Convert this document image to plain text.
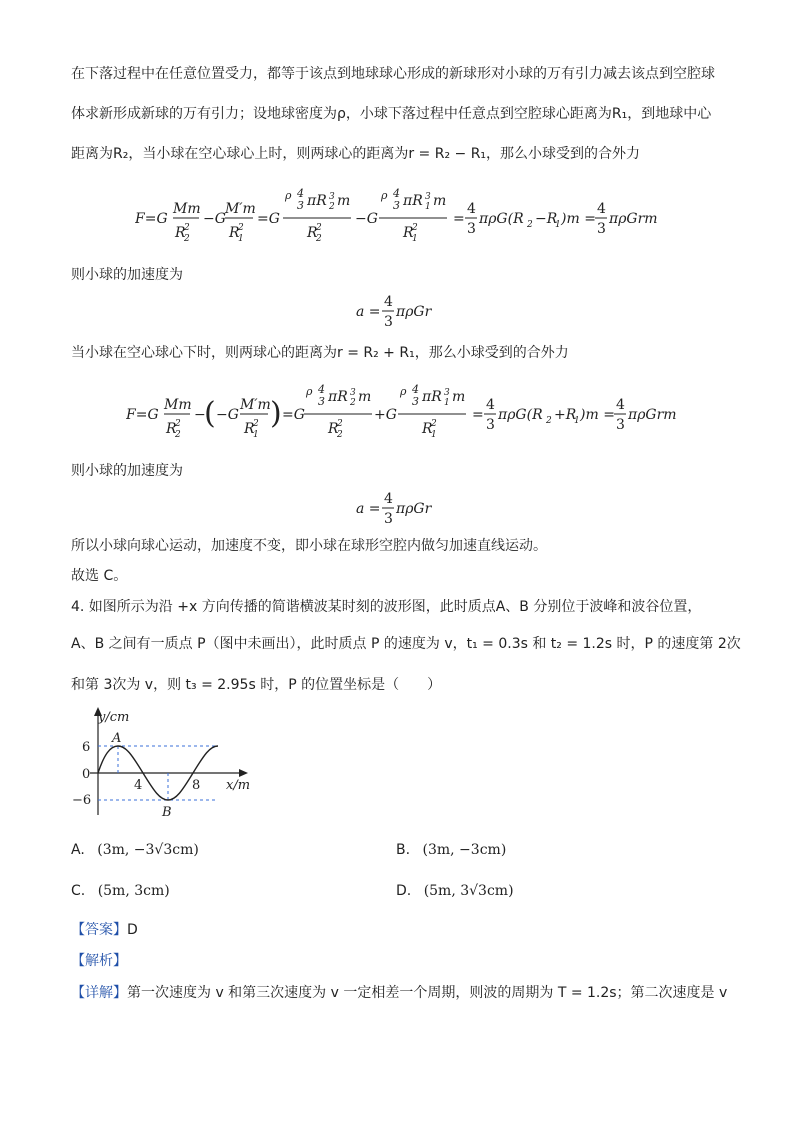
在下落过程中在任意位置受力，都等于该点到地球球心形成的新球形对小球的万有引力减去该点到空腔球
体求新形成新球的万有引力；设地球密度为ρ，小球下落过程中任意点到空腔球心距离为R₁，到地球中心
距离为R₂，当小球在空心球心上时，则两球心的距离为r = R₂ − R₁，那么小球受到的合外力
F=G
Mm
R
2
2
−G
M′m
R
1
2
=G
ρ 4
3 πR 3
2 m
R
2
2
−G
ρ 4
3 πR 3
1 m
R
1
2
=
4
3
πρG(R 2 −R
1 )m =
4
3
πρGrm
则小球的加速度为
a =
4
3
πρGr
当小球在空心球心下时，则两球心的距离为r = R₂ + R₁，那么小球受到的合外力
F=G
Mm
R
2
2
−
( −G
M′m
R
1
2 ) =G
ρ 4
3 πR 3
2 m
R
2
2
+G
ρ 4
3 πR 3
1 m
R
1
2
=
4
3
πρG(R 2 +R
1 )m =
4
3
πρGrm
则小球的加速度为
a =
4
3
πρGr
所以小球向球心运动，加速度不变，即小球在球形空腔内做匀加速直线运动。
故选 C。
4. 如图所示为沿 +x 方向传播的简谐横波某时刻的波形图，此时质点A、B 分别位于波峰和波谷位置，
A、B 之间有一质点 P（图中未画出），此时质点 P 的速度为 v，t₁ = 0.3s 和 t₂ = 1.2s 时，P 的速度第 2次
和第 3次为 v，则 t₃ = 2.95s 时，P 的位置坐标是（　　）
y/cm
x/m
6
0
−6
4	8
A
B
A. (3m, −3√3cm)	B. (3m, −3cm)
C. (5m, 3cm)	D. (5m, 3√3cm)
【答案】D
【解析】
【详解】第一次速度为 v 和第三次速度为 v 一定相差一个周期，则波的周期为 T = 1.2s；第二次速度是 v
